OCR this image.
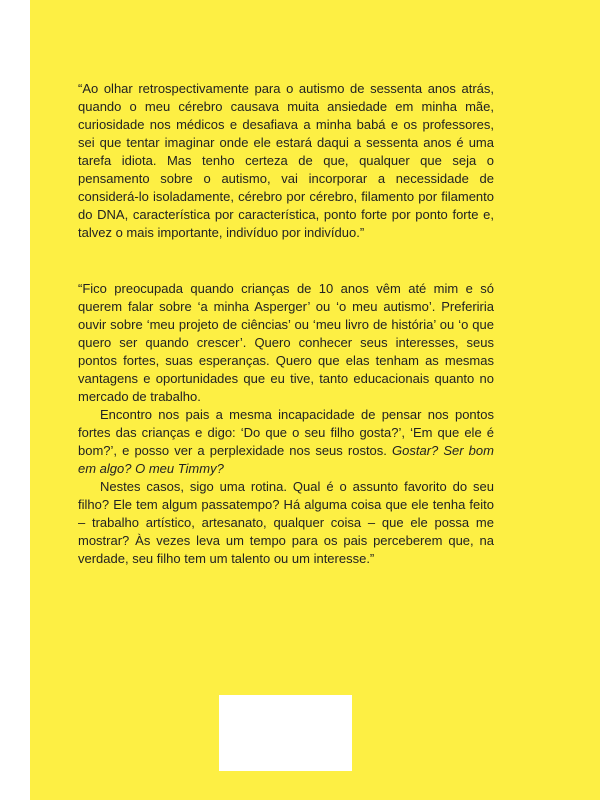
“Ao olhar retrospectivamente para o autismo de sessenta anos atrás, quando o meu cérebro causava muita ansiedade em minha mãe, curiosidade nos médicos e desafiava a minha babá e os professores, sei que tentar imaginar onde ele estará daqui a sessenta anos é uma tarefa idiota. Mas tenho certeza de que, qualquer que seja o pensamento sobre o autismo, vai incorporar a necessidade de considerá-lo isoladamente, cérebro por cérebro, filamento por filamento do DNA, característica por característica, ponto forte por ponto forte e, talvez o mais importante, indivíduo por indivíduo.”

“Fico preocupada quando crianças de 10 anos vêm até mim e só querem falar sobre ‘a minha Asperger’ ou ‘o meu autismo’. Preferiria ouvir sobre ‘meu projeto de ciências’ ou ‘meu livro de história’ ou ‘o que quero ser quando crescer’. Quero conhecer seus interesses, seus pontos fortes, suas esperanças. Quero que elas tenham as mesmas vantagens e oportunidades que eu tive, tanto educacionais quanto no mercado de trabalho.

Encontro nos pais a mesma incapacidade de pensar nos pontos fortes das crianças e digo: ‘Do que o seu filho gosta?’, ‘Em que ele é bom?’, e posso ver a perplexidade nos seus rostos. Gostar? Ser bom em algo? O meu Timmy?

Nestes casos, sigo uma rotina. Qual é o assunto favorito do seu filho? Ele tem algum passatempo? Há alguma coisa que ele tenha feito – trabalho artístico, artesanato, qualquer coisa – que ele possa me mostrar? Às vezes leva um tempo para os pais perceberem que, na verdade, seu filho tem um talento ou um interesse.”
